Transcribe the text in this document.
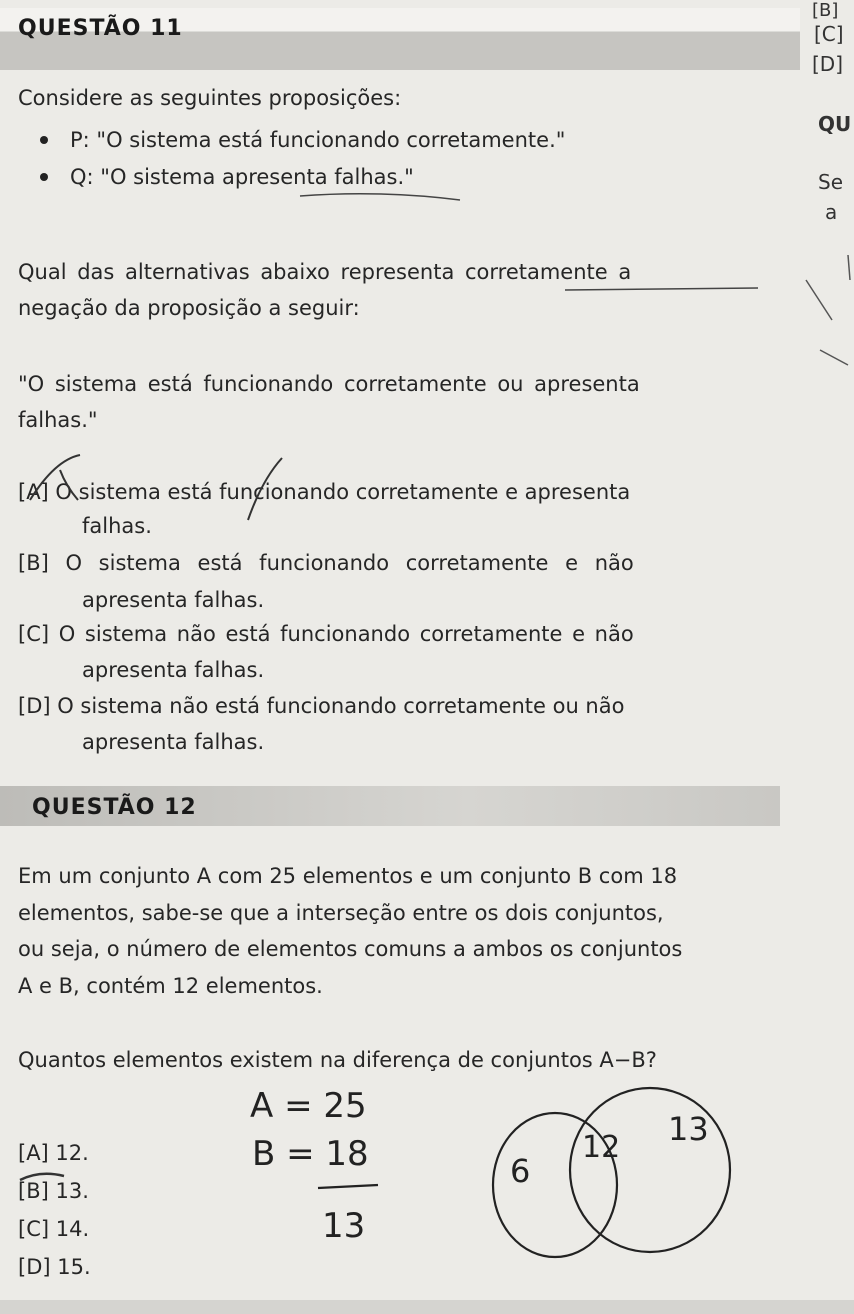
[B]
[C]
[D]
QU
Se
a
QUESTÃO 11
Considere as seguintes proposições:
P: "O sistema está funcionando corretamente."
Q: "O sistema apresenta falhas."
Qual das alternativas abaixo representa corretamente a
negação da proposição a seguir:
"O sistema está funcionando corretamente ou apresenta
falhas."
[A] O sistema está funcionando corretamente e apresenta
falhas.
[B] O sistema está funcionando corretamente e não
apresenta falhas.
[C] O sistema não está funcionando corretamente e não
apresenta falhas.
[D] O sistema não está funcionando corretamente ou não
apresenta falhas.
QUESTÃO 12
Em um conjunto A com 25 elementos e um conjunto B com 18
elementos, sabe-se que a interseção entre os dois conjuntos,
ou seja, o número de elementos comuns a ambos os conjuntos
A e B, contém 12 elementos.
Quantos elementos existem na diferença de conjuntos A−B?
[A] 12.
[B] 13.
[C] 14.
[D] 15.
A = 25
B = 18
13
6
12 13
